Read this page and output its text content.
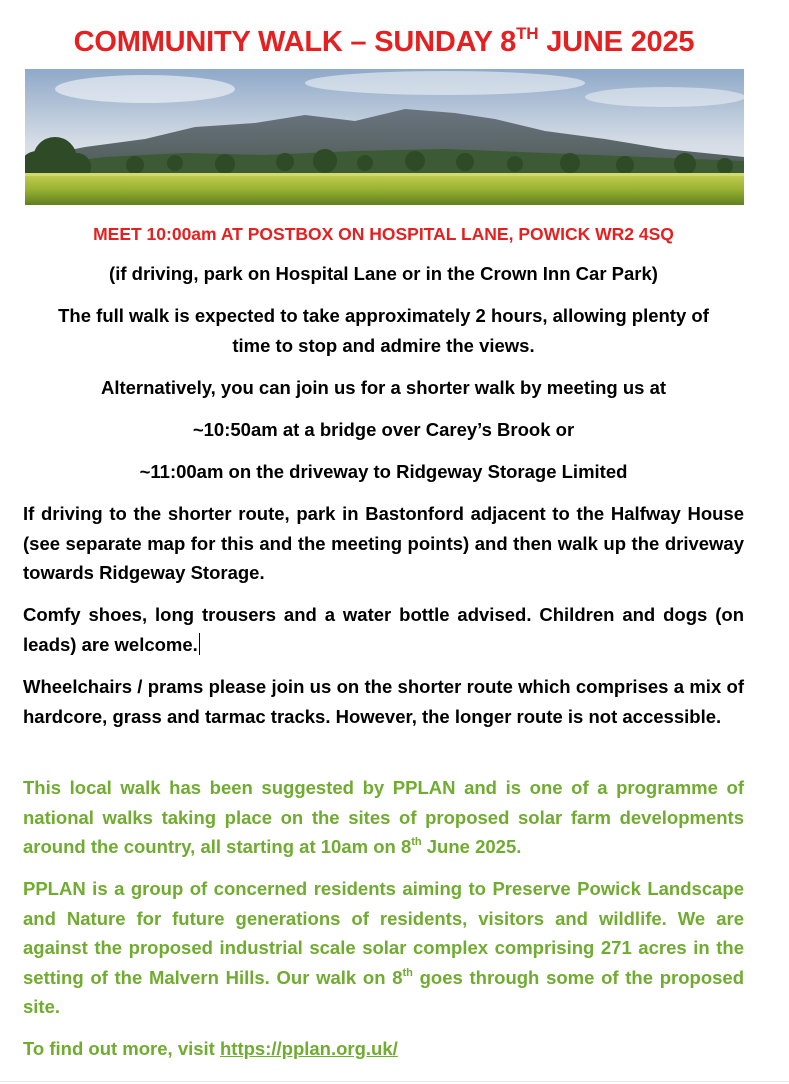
COMMUNITY WALK – SUNDAY 8TH JUNE 2025

MEET 10:00am AT POSTBOX ON HOSPITAL LANE, POWICK WR2 4SQ

(if driving, park on Hospital Lane or in the Crown Inn Car Park)

The full walk is expected to take approximately 2 hours, allowing plenty of time to stop and admire the views.

Alternatively, you can join us for a shorter walk by meeting us at

~10:50am at a bridge over Carey’s Brook or

~11:00am on the driveway to Ridgeway Storage Limited

If driving to the shorter route, park in Bastonford adjacent to the Halfway House (see separate map for this and the meeting points) and then walk up the driveway towards Ridgeway Storage.

Comfy shoes, long trousers and a water bottle advised. Children and dogs (on leads) are welcome.

Wheelchairs / prams please join us on the shorter route which comprises a mix of hardcore, grass and tarmac tracks. However, the longer route is not accessible.

This local walk has been suggested by PPLAN and is one of a programme of national walks taking place on the sites of proposed solar farm developments around the country, all starting at 10am on 8th June 2025.

PPLAN is a group of concerned residents aiming to Preserve Powick Landscape and Nature for future generations of residents, visitors and wildlife. We are against the proposed industrial scale solar complex comprising 271 acres in the setting of the Malvern Hills. Our walk on 8th goes through some of the proposed site.

To find out more, visit https://pplan.org.uk/
